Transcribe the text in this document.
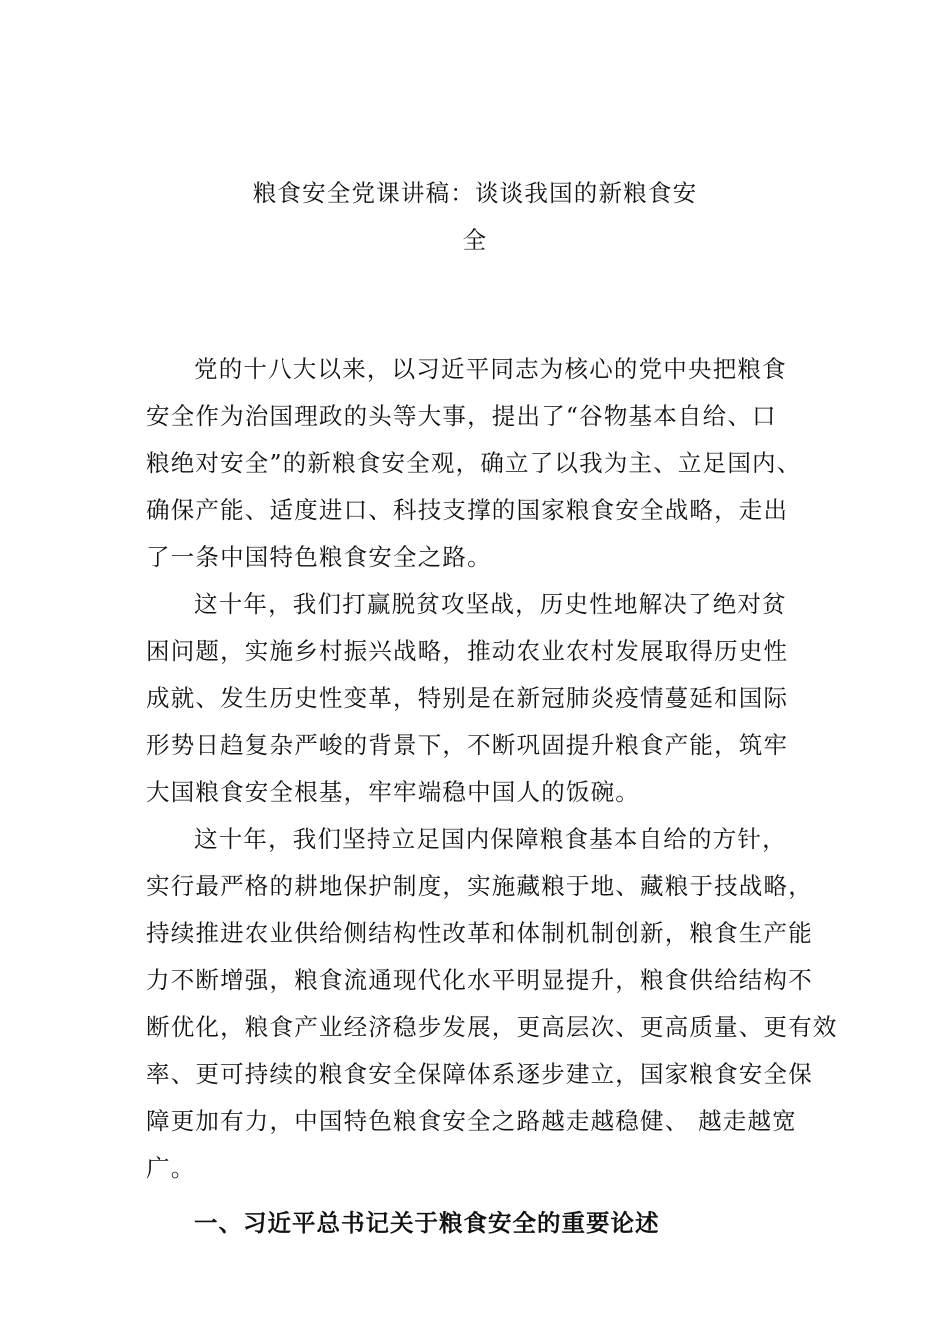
粮食安全党课讲稿：谈谈我国的新粮食安
全
党的十八大以来，以习近平同志为核心的党中央把粮食
安全作为治国理政的头等大事，提出了“谷物基本自给、口
粮绝对安全”的新粮食安全观，确立了以我为主、立足国内、
确保产能、适度进口、科技支撑的国家粮食安全战略，走出
了一条中国特色粮食安全之路。
这十年，我们打赢脱贫攻坚战，历史性地解决了绝对贫
困问题，实施乡村振兴战略，推动农业农村发展取得历史性
成就、发生历史性变革，特别是在新冠肺炎疫情蔓延和国际
形势日趋复杂严峻的背景下，不断巩固提升粮食产能，筑牢
大国粮食安全根基，牢牢端稳中国人的饭碗。
这十年，我们坚持立足国内保障粮食基本自给的方针，
实行最严格的耕地保护制度，实施藏粮于地、藏粮于技战略，
持续推进农业供给侧结构性改革和体制机制创新，粮食生产能
力不断增强，粮食流通现代化水平明显提升，粮食供给结构不
断优化，粮食产业经济稳步发展，更高层次、更高质量、更有效
率、更可持续的粮食安全保障体系逐步建立，国家粮食安全保
障更加有力，中国特色粮食安全之路越走越稳健、 越走越宽
广。
一、习近平总书记关于粮食安全的重要论述
